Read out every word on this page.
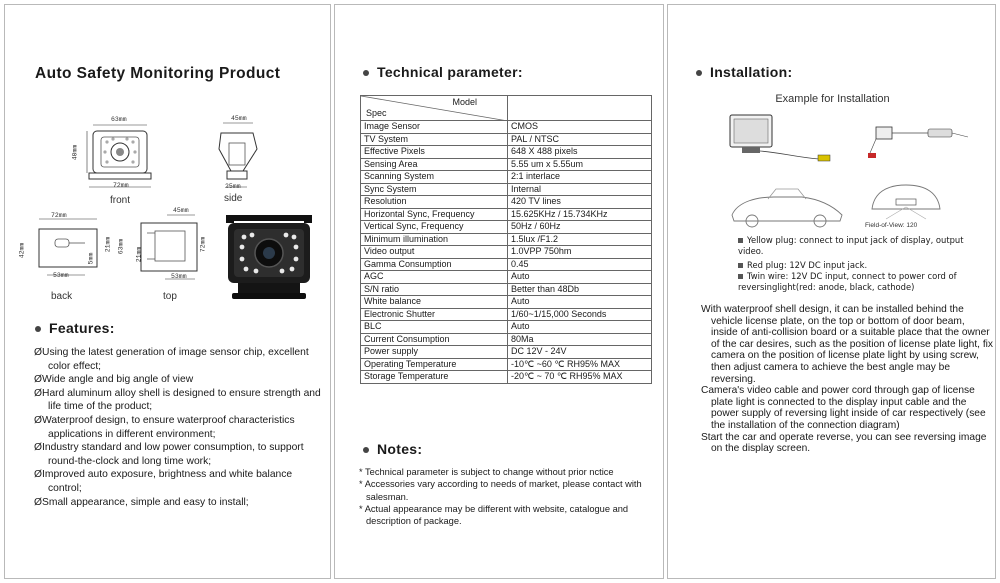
Auto Safety Monitoring Product
63mm
40mm
72mm
front
45mm
25mm
side
72mm
42mm	21mm
5mm
53mm
back
45mm
63mm
21mm
72mm
53mm
top
Features:
ØUsing the latest generation of image sensor chip, excellent color effect;
ØWide angle and big angle of view
ØHard aluminum alloy shell is designed to ensure strength and life time of the product;
ØWaterproof design, to ensure waterproof characteristics applications in different environment;
ØIndustry standard and low power consumption, to support round-the-clock and long time work;
ØImproved auto exposure, brightness and white balance control;
ØSmall appearance, simple and easy to install;
Technical parameter:
Model
Spec	

Image Sensor	CMOS
TV System	PAL / NTSC
Effective Pixels	648 X 488 pixels
Sensing Area	5.55 um x 5.55um
Scanning System	2:1 interlace
Sync System	Internal
Resolution	420 TV lines
Horizontal Sync, Frequency	15.625KHz / 15.734KHz
Vertical Sync, Frequency	50Hz / 60Hz
Minimum illumination	1.5lux /F1.2
Video output	1.0VPP 750hm
Gamma Consumption	0.45
AGC	Auto
S/N ratio	Better than 48Db
White balance	Auto
Electronic Shutter	1/60~1/15,000 Seconds
BLC	Auto
Current Consumption	80Ma
Power supply	DC 12V - 24V
Operating Temperature	-10℃ ~60 ℃ RH95% MAX
Storage Temperature	-20℃ ~ 70 ℃ RH95% MAX
Notes:
* Technical parameter is subject to change without prior nctice
* Accessories vary according to needs of market, please contact with salesman.
* Actual appearance may be different with website, catalogue and description of package.
Installation:
Example for Installation
Field-of-View: 120
Yellow plug: connect to input jack of display, output video.
Red plug: 12V DC input jack.
Twin wire: 12V DC input, connect to power cord of reversinglight(red: anode, black, cathode)
With waterproof shell design, it can be installed behind the vehicle license plate, on the top or bottom of door beam, inside of anti-collision board or a suitable place that the owner of the car desires, such as the position of license plate light, fix camera on the position of license plate light by using screw, then adjust camera to achieve the best angle may be reversing.
Camera's video cable and power cord through gap of license plate light is connected to the display input cable and the power supply of reversing light inside of car respectively (see the installation of the connection diagram)
Start the car and operate reverse, you can see reversing image on the display screen.
